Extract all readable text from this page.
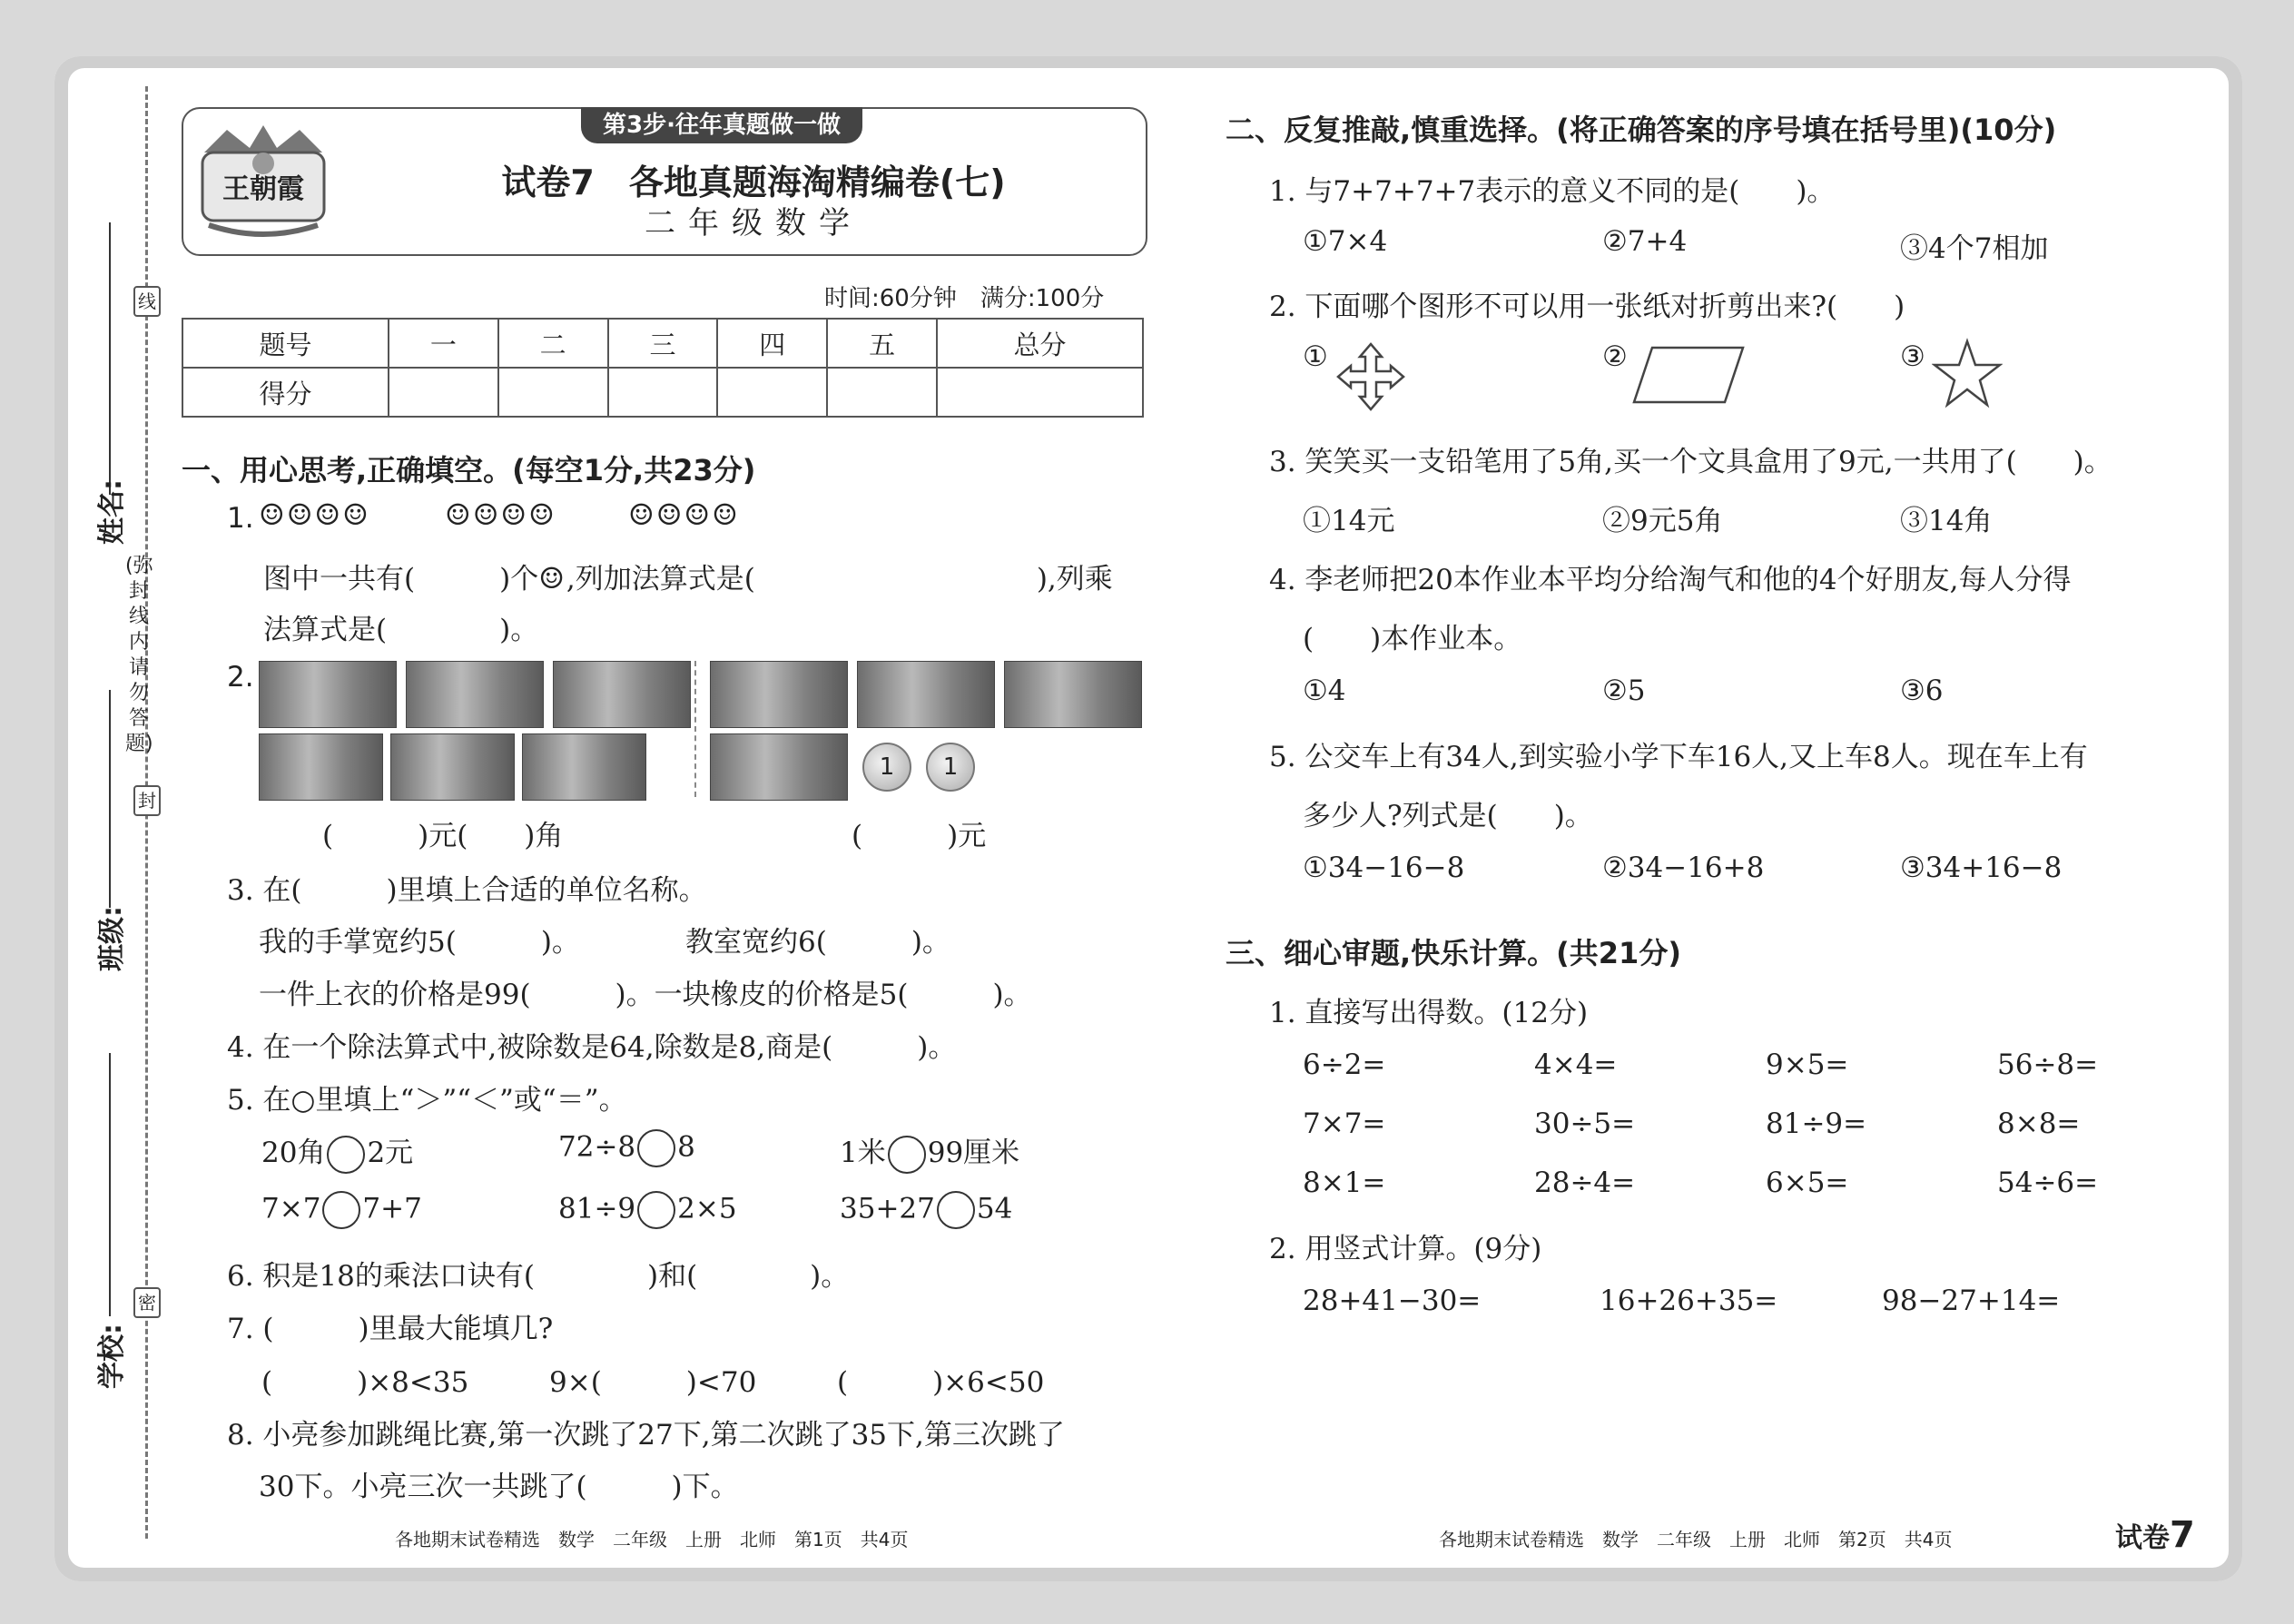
姓名:
班级:
学校:
线
封
密
(弥封线内请勿答题)
第3步·往年真题做一做
王朝霞	试卷7　各地真题海淘精编卷(七)
二年级数学
时间:60分钟　满分:100分
题号	一	二	三	四	五	总分
得分						
一、用心思考,正确填空。(每空1分,共23分)
1. ☺☺☺☺	☺☺☺☺ ☺☺☺☺
图中一共有(　　　)个☺,列加法算式是(　　　　　　　　　　),列乘
法算式是(　　　　)。
2.
1	1
(　　　)元(　　)角	(　　　)元
3. 在(　　　)里填上合适的单位名称。
我的手掌宽约5(　　　)。	教室宽约6(　　　)。
一件上衣的价格是99(　　　)。一块橡皮的价格是5(　　　)。
4. 在一个除法算式中,被除数是64,除数是8,商是(　　　)。
5. 在○里填上“＞”“＜”或“＝”。
20角 2元	72÷8 8	1米 99厘米
7×7 7+7	81÷9 2×5	35+27 54
6. 积是18的乘法口诀有(　　　　)和(　　　　)。
7. (　　　)里最大能填几?
(　　　)×8<35	9×(　　　)<70	(　　　)×6<50
8. 小亮参加跳绳比赛,第一次跳了27下,第二次跳了35下,第三次跳了
30下。小亮三次一共跳了(　　　)下。
二、反复推敲,慎重选择。(将正确答案的序号填在括号里)(10分)
1. 与7+7+7+7表示的意义不同的是(　　)。
①7×4	②7+4	③4个7相加
2. 下面哪个图形不可以用一张纸对折剪出来?(　　)
①	②	③
3. 笑笑买一支铅笔用了5角,买一个文具盒用了9元,一共用了(　　)。
①14元	②9元5角	③14角
4. 李老师把20本作业本平均分给淘气和他的4个好朋友,每人分得
(　　)本作业本。
①4	②5	③6
5. 公交车上有34人,到实验小学下车16人,又上车8人。现在车上有
多少人?列式是(　　)。
①34−16−8	②34−16+8	③34+16−8
三、细心审题,快乐计算。(共21分)
1. 直接写出得数。(12分)
6÷2=	4×4=	9×5=	56÷8=
7×7=	30÷5=	81÷9=	8×8=
8×1=	28÷4=	6×5=	54÷6=
2. 用竖式计算。(9分)
28+41−30=	16+26+35=	98−27+14=
各地期末试卷精选　数学　二年级　上册　北师　第1页　共4页	各地期末试卷精选　数学　二年级　上册　北师　第2页　共4页	试卷7
